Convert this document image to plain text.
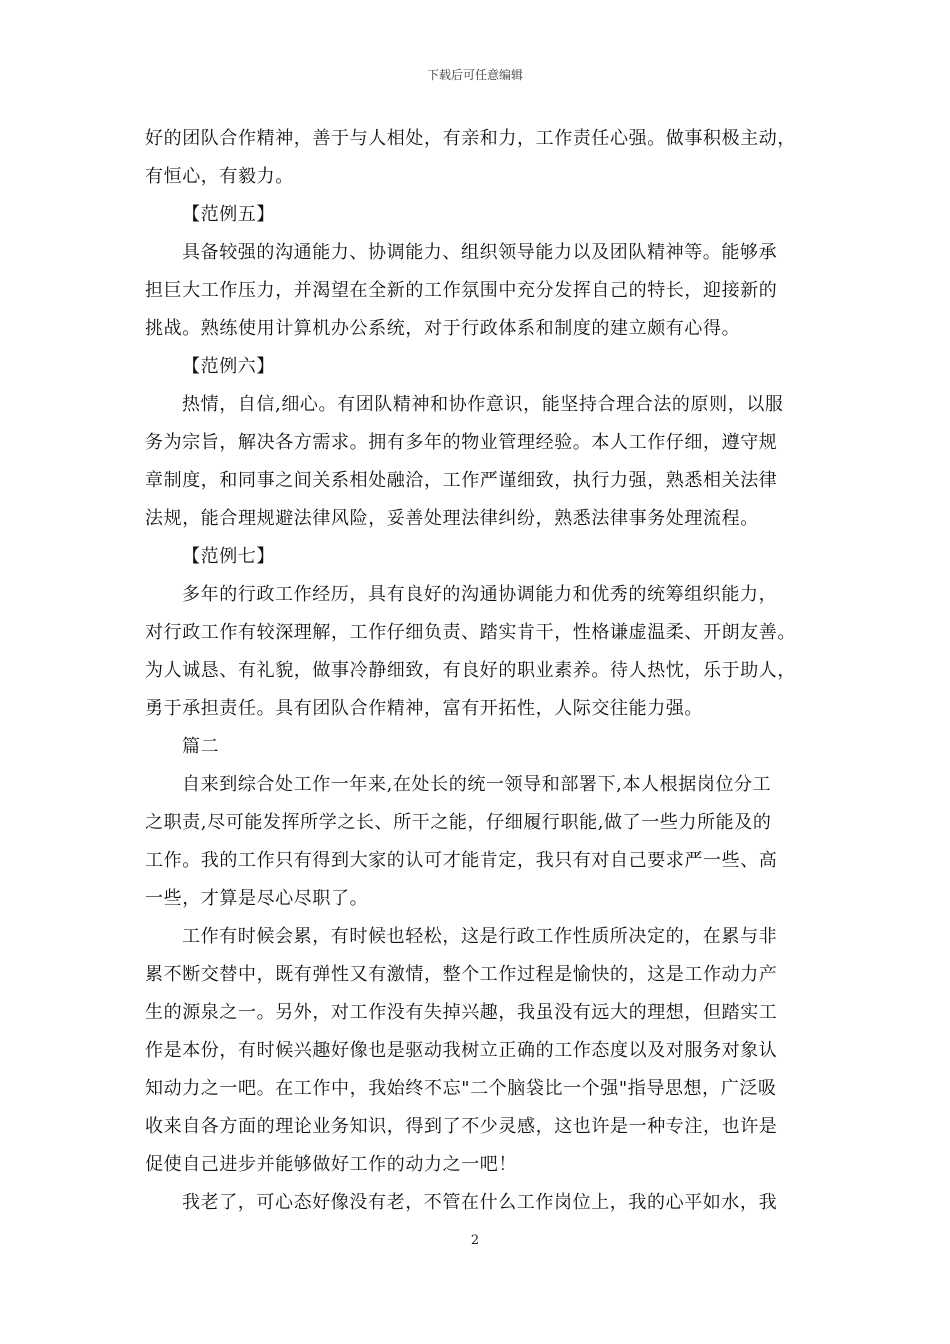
下载后可任意编辑
好的团队合作精神，善于与人相处，有亲和力，工作责任心强。做事积极主动，
有恒心，有毅力。
【范例五】
具备较强的沟通能力、协调能力、组织领导能力以及团队精神等。能够承
担巨大工作压力，并渴望在全新的工作氛围中充分发挥自己的特长，迎接新的
挑战。熟练使用计算机办公系统，对于行政体系和制度的建立颇有心得。
【范例六】
热情，自信,细心。有团队精神和协作意识，能坚持合理合法的原则，以服
务为宗旨，解决各方需求。拥有多年的物业管理经验。本人工作仔细，遵守规
章制度，和同事之间关系相处融洽，工作严谨细致，执行力强，熟悉相关法律
法规，能合理规避法律风险，妥善处理法律纠纷，熟悉法律事务处理流程。
【范例七】
多年的行政工作经历，具有良好的沟通协调能力和优秀的统筹组织能力，
对行政工作有较深理解，工作仔细负责、踏实肯干，性格谦虚温柔、开朗友善。
为人诚恳、有礼貌，做事冷静细致，有良好的职业素养。待人热忱，乐于助人，
勇于承担责任。具有团队合作精神，富有开拓性，人际交往能力强。
篇二
自来到综合处工作一年来,在处长的统一领导和部署下,本人根据岗位分工
之职责,尽可能发挥所学之长、所干之能，仔细履行职能,做了一些力所能及的
工作。我的工作只有得到大家的认可才能肯定，我只有对自己要求严一些、高
一些，才算是尽心尽职了。
工作有时候会累，有时候也轻松，这是行政工作性质所决定的，在累与非
累不断交替中，既有弹性又有激情，整个工作过程是愉快的，这是工作动力产
生的源泉之一。另外，对工作没有失掉兴趣，我虽没有远大的理想，但踏实工
作是本份，有时候兴趣好像也是驱动我树立正确的工作态度以及对服务对象认
知动力之一吧。在工作中，我始终不忘"二个脑袋比一个强"指导思想，广泛吸
收来自各方面的理论业务知识，得到了不少灵感，这也许是一种专注，也许是
促使自己进步并能够做好工作的动力之一吧！
我老了，可心态好像没有老，不管在什么工作岗位上，我的心平如水，我
2
